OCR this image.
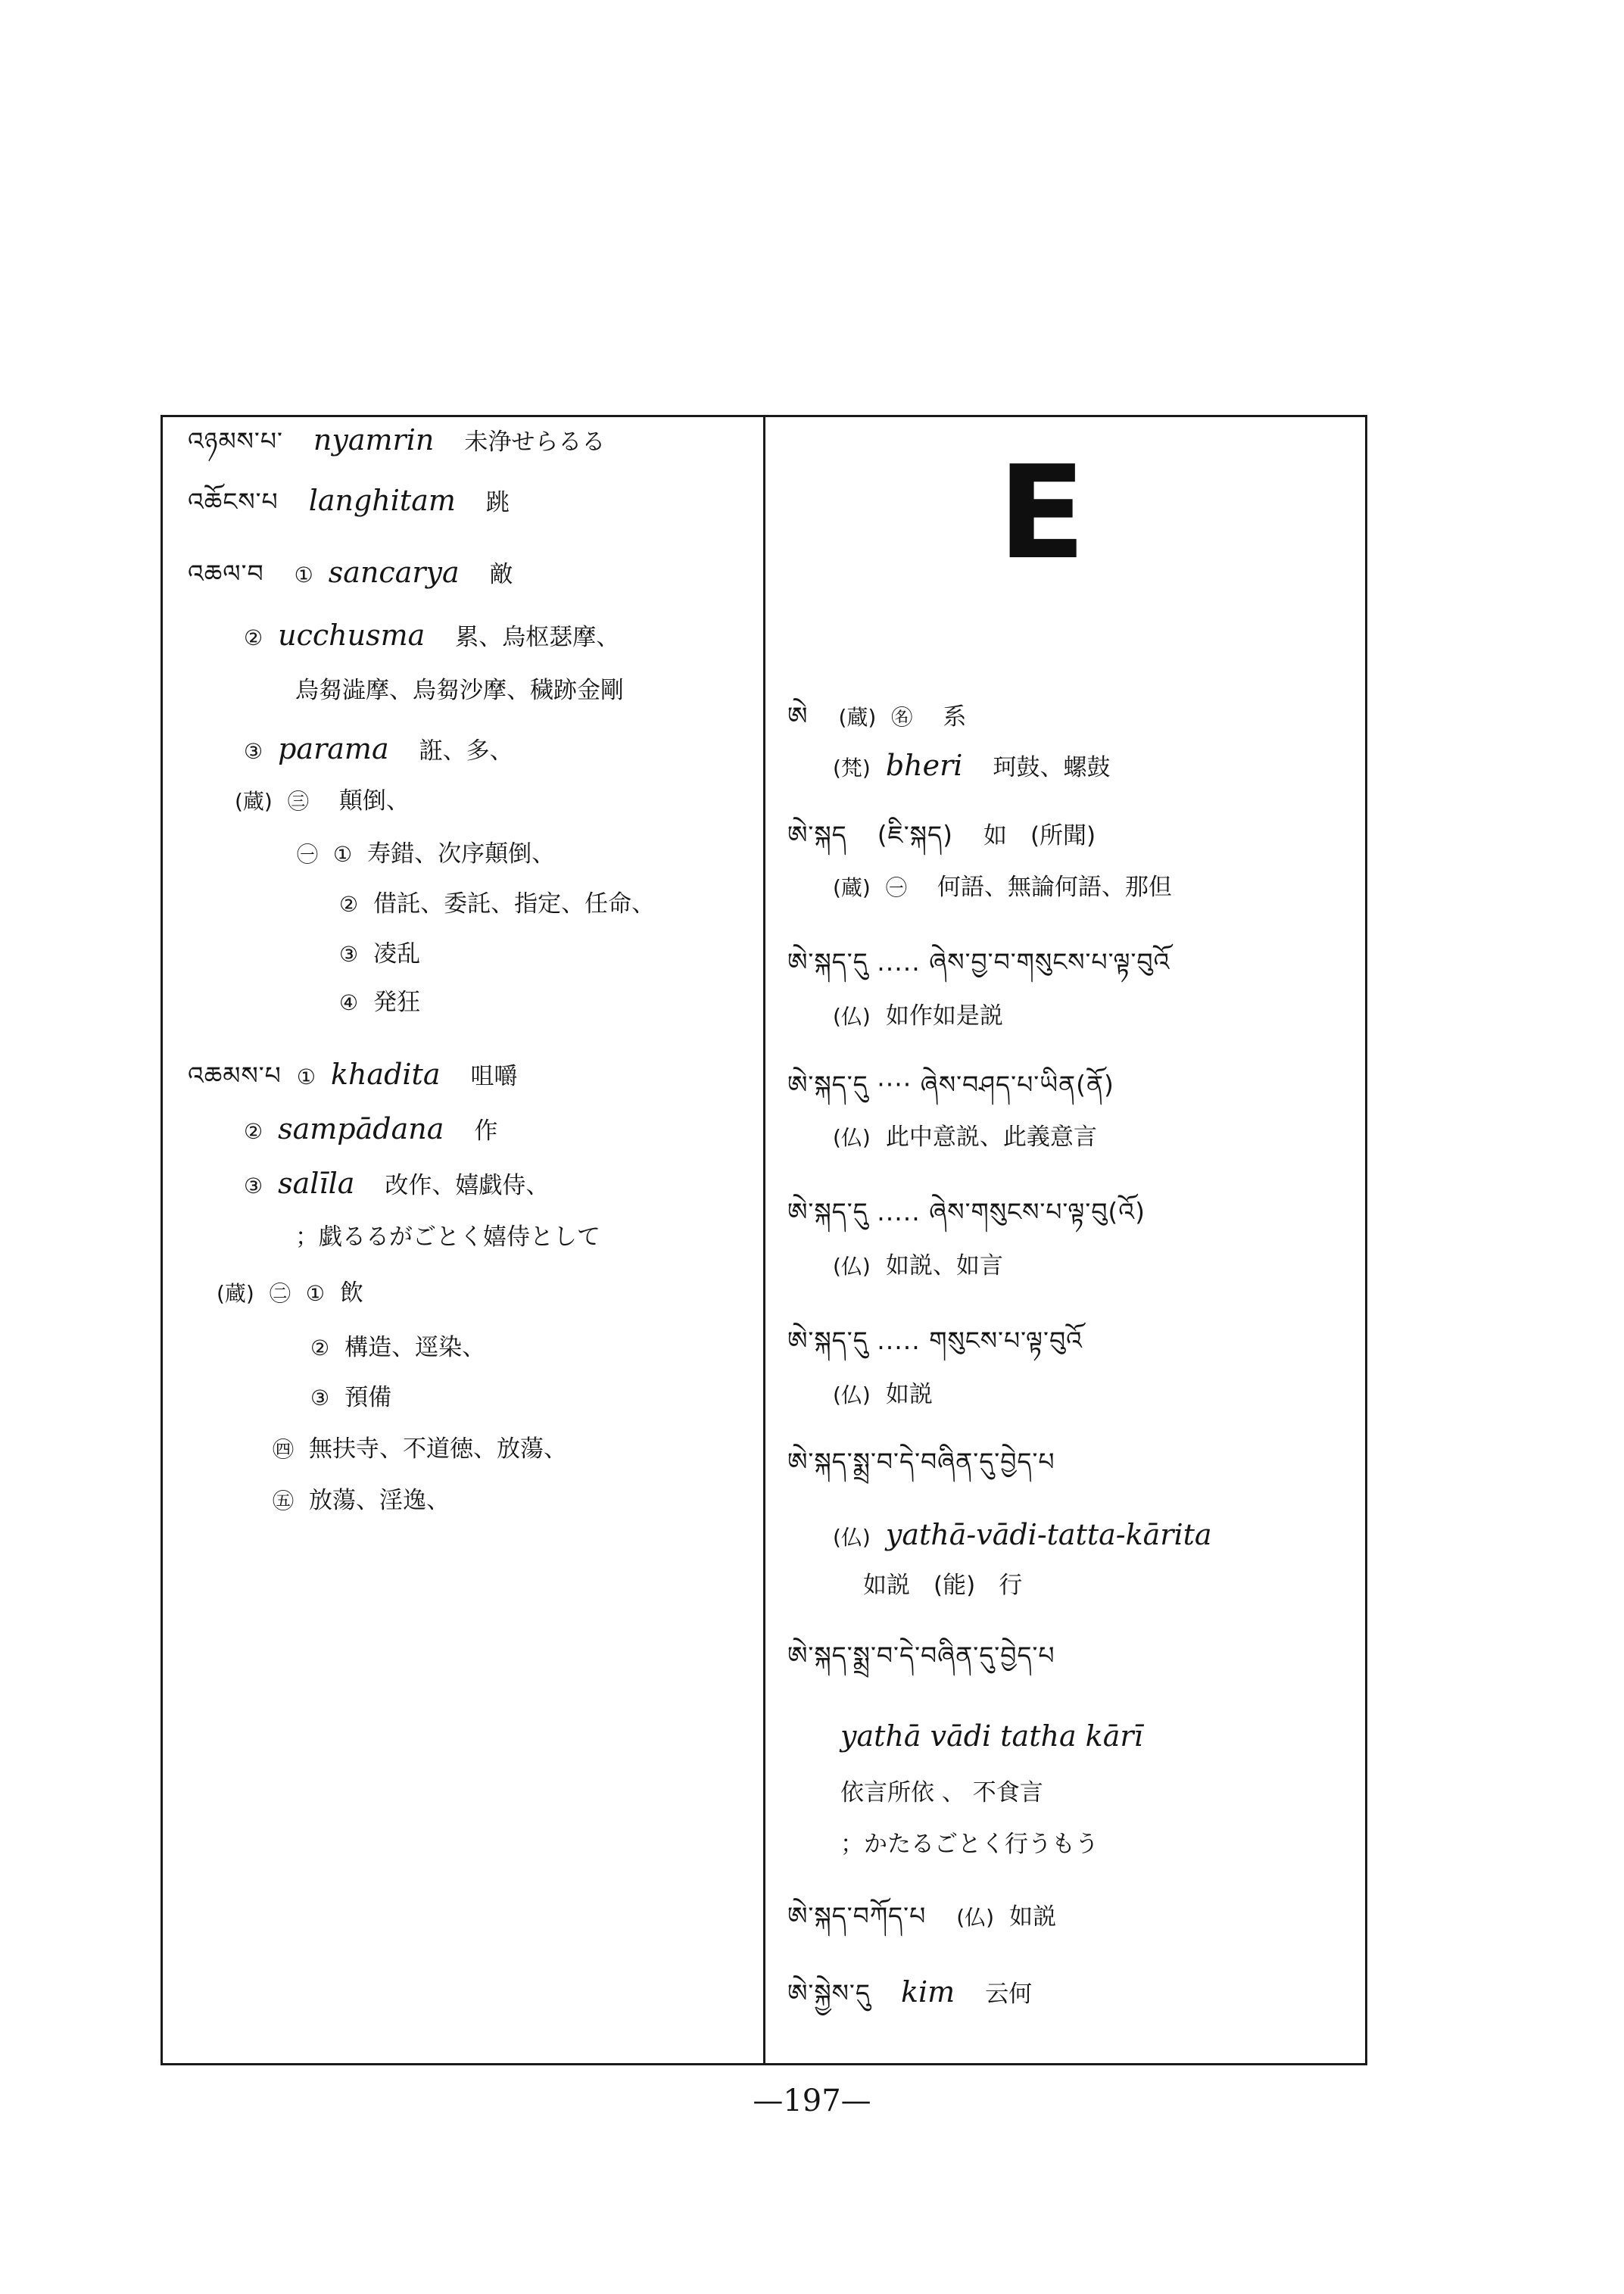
འཉམས་པ་ nyamrin 未浄せらるる
འཆོངས་པ langhitam 跳
འཆལ་བ ① sancarya 敵
② ucchusma 累、烏枢瑟摩、
烏芻澁摩、烏芻沙摩、穢跡金剛
③ parama 誑、多、
(蔵) ㊂ 顛倒、
㊀ ① 寿錯、次序顛倒、
② 借託、委託、指定、任命、
③ 凌乱
④ 発狂
འཆམས་པ ① khadita 咀嚼
② sampādana 作
③ salīla 改作、嬉戯侍、
；戯るるがごとく嬉侍として
(蔵) ㊁ ① 飲
② 構造、逕染、
③ 預備
㊃ 無扶寺、不道徳、放蕩、
㊄ 放蕩、淫逸、
E
ཨེ (蔵) ㊔ 系
(梵) bheri 珂鼓、螺鼓
ཨེ་སྐད (ཇི་སྐད) 如　(所聞)
(蔵) ㊀ 何語、無論何語、那但
ཨེ་སྐད་དུ ..... ཞེས་བྱ་བ་གསུངས་པ་ལྟ་བུའོ
(仏) 如作如是説
ཨེ་སྐད་དུ ···· ཞེས་བཤད་པ་ཡིན(ནོ)
(仏) 此中意説、此義意言
ཨེ་སྐད་དུ ..... ཞེས་གསུངས་པ་ལྟ་བུ(འོ)
(仏) 如説、如言
ཨེ་སྐད་དུ ..... གསུངས་པ་ལྟ་བུའོ
(仏) 如説
ཨེ་སྐད་སྨྲ་བ་དེ་བཞིན་དུ་བྱེད་པ
(仏) yathā-vādi-tatta-kārita
如説　(能)　行
ཨེ་སྐད་སྨྲ་བ་དེ་བཞིན་དུ་བྱེད་པ
yathā vādi tatha kārī
依言所依 、 不食言
；かたるごとく行うもう
ཨེ་སྐད་བཀོད་པ (仏) 如説
ཨེ་སྐྱེས་དུ kim 云何
—197—
